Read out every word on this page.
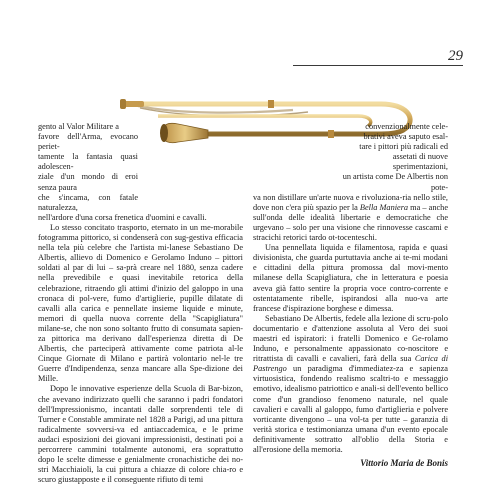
29
gento al Valor Militare a
favore dell'Arma, evocano periet-
tamente la fantasia quasi adolescen-
ziale d'un mondo di eroi senza paura
che s'incama, con fatale naturalezza,

nell'ardore d'una corsa frenetica d'uomini e cavalli.

Lo stesso concitato trasporto, eternato in un me-morabile fotogramma pittorico, si condenserà con sug-gestiva efficacia nella tela più celebre che l'artista mi-lanese Sebastiano De Albertis, allievo di Domenico e Gerolamo Induno – pittori soldati al par di lui – sa-prà creare nel 1880, senza cadere nella prevedibile e quasi inevitabile retorica della celebrazione, ritraendo gli attimi d'inizio del galoppo in una cronaca di pol-vere, fumo d'artiglierie, pupille dilatate di cavalli alla carica e pennellate insieme liquide e minute, memori di quella nuova corrente della "Scapigliatura" milane-se, che non sono soltanto frutto di consumata sapien-za pittorica ma derivano dall'esperienza diretta di De Albertis, che parteciperà attivamente come patriota al-le Cinque Giornate di Milano e partirà volontario nel-le tre Guerre d'Indipendenza, senza mancare alla Spe-dizione dei Mille.

Dopo le innovative esperienze della Scuola di Bar-bizon, che avevano indirizzato quelli che saranno i padri fondatori dell'Impressionismo, incantati dalle sorprendenti tele di Turner e Constable ammirate nel 1828 a Parigi, ad una pittura radicalmente sovversi-va ed antiaccademica, e le prime audaci esposizioni dei giovani impressionisti, destinati poi a percorrere cammini totalmente autonomi, era soprattutto dopo le scelte dimesse e genialmente cronachistiche dei no-stri Macchiaioli, la cui pittura a chiazze di colore chia-ro e scuro giustapposte e il conseguente rifiuto di temi

convenzionalmente cele-
brativi aveva saputo esal-
tare i pittori più radicali ed
assetati di nuove sperimentazioni,
un artista come De Albertis non pote-

va non distillare un'arte nuova e rivoluziona-ria nello stile, dove non c'era più spazio per la Bella Maniera ma – anche sull'onda delle idealità libertarie e democratiche che urgevano – solo per una visione che rinnovesse cascami e stracichi retorici tardo ot-tocenteschi.

Una pennellata liquida e filamentosa, rapida e quasi divisionista, che guarda purtuttavia anche ai te-mi modani e cittadini della pittura promossa dal movi-mento milanese della Scapigliatura, che in letteratura e poesia aveva già fatto sentire la propria voce contro-corrente e ostentatamente ribelle, ispirandosi alla nuo-va arte francese d'ispirazione borghese e dimessa.

Sebastiano De Albertis, fedele alla lezione di scru-polo documentario e d'attenzione assoluta al Vero dei suoi maestri ed ispiratori: i fratelli Domenico e Ge-rolamo Induno, e personalmente appassionato co-noscitore e ritrattista di cavalli e cavalieri, farà della sua Carica di Pastrengo un paradigma d'immediatez-za e sapienza virtuosistica, fondendo realismo scaltri-to e messaggio emotivo, idealismo patriottico e anali-si dell'evento bellico come d'un grandioso fenomeno naturale, nel quale cavalieri e cavalli al galoppo, fumo d'artiglieria e polvere vorticante divengono – una vol-ta per tutte – garanzia di verità storica e testimonianza umana d'un evento epocale definitivamente sottratto all'oblio della Storia e all'erosione della memoria.

Vittorio Maria de Bonis
